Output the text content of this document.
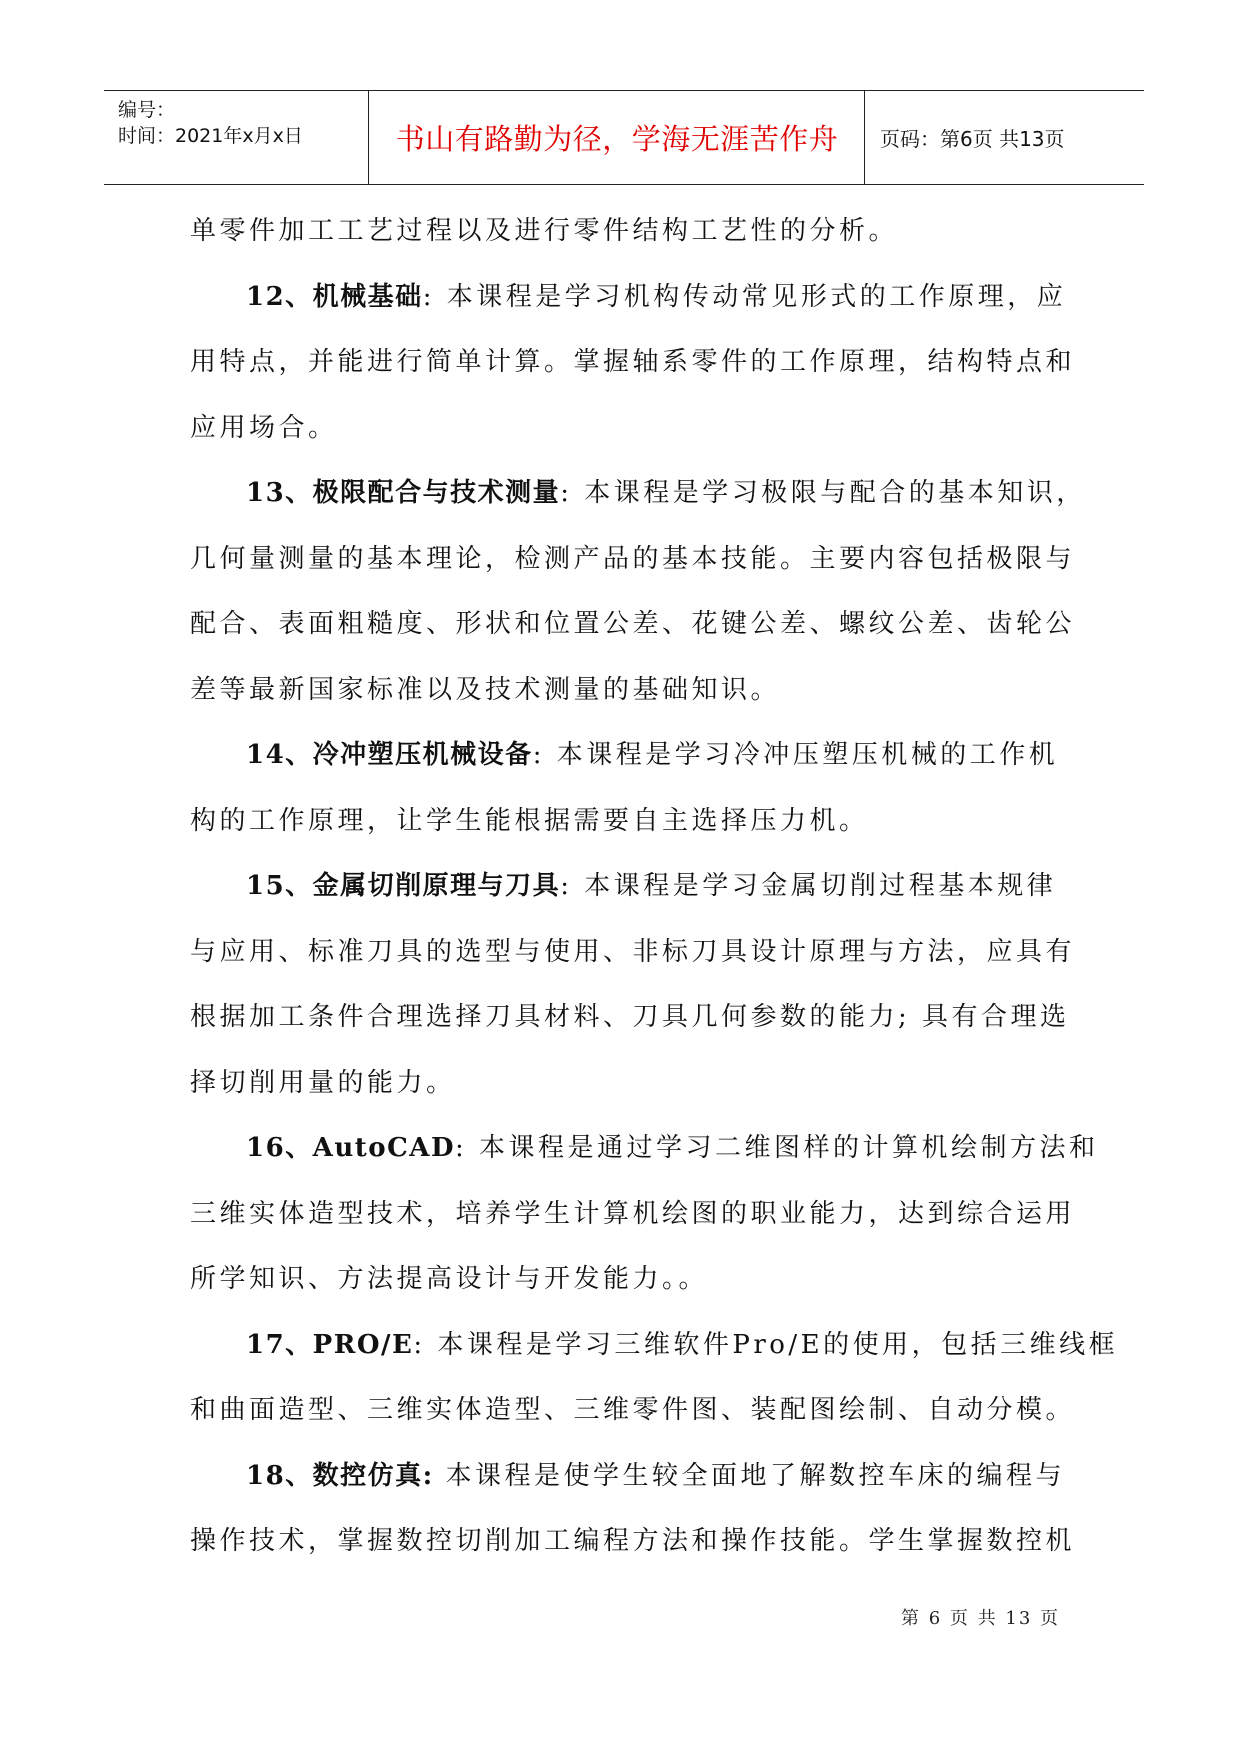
编号：
时间：2021年x月x日	书山有路勤为径，学海无涯苦作舟	页码：第6页 共13页
单零件加工工艺过程以及进行零件结构工艺性的分析。
12、机械基础: 本课程是学习机构传动常见形式的工作原理，应
用特点，并能进行简单计算。掌握轴系零件的工作原理，结构特点和
应用场合。
13、极限配合与技术测量: 本课程是学习极限与配合的基本知识，
几何量测量的基本理论，检测产品的基本技能。主要内容包括极限与
配合、表面粗糙度、形状和位置公差、花键公差、螺纹公差、齿轮公
差等最新国家标准以及技术测量的基础知识。
14、冷冲塑压机械设备: 本课程是学习冷冲压塑压机械的工作机
构的工作原理，让学生能根据需要自主选择压力机。
15、金属切削原理与刀具: 本课程是学习金属切削过程基本规律
与应用、标准刀具的选型与使用、非标刀具设计原理与方法，应具有
根据加工条件合理选择刀具材料、刀具几何参数的能力; 具有合理选
择切削用量的能力。
16、AutoCAD: 本课程是通过学习二维图样的计算机绘制方法和
三维实体造型技术，培养学生计算机绘图的职业能力，达到综合运用
所学知识、方法提高设计与开发能力。。
17、PRO/E: 本课程是学习三维软件Pro/E的使用，包括三维线框
和曲面造型、三维实体造型、三维零件图、装配图绘制、自动分模。
18、数控仿真: 本课程是使学生较全面地了解数控车床的编程与
操作技术，掌握数控切削加工编程方法和操作技能。学生掌握数控机
第 6 页 共 13 页
